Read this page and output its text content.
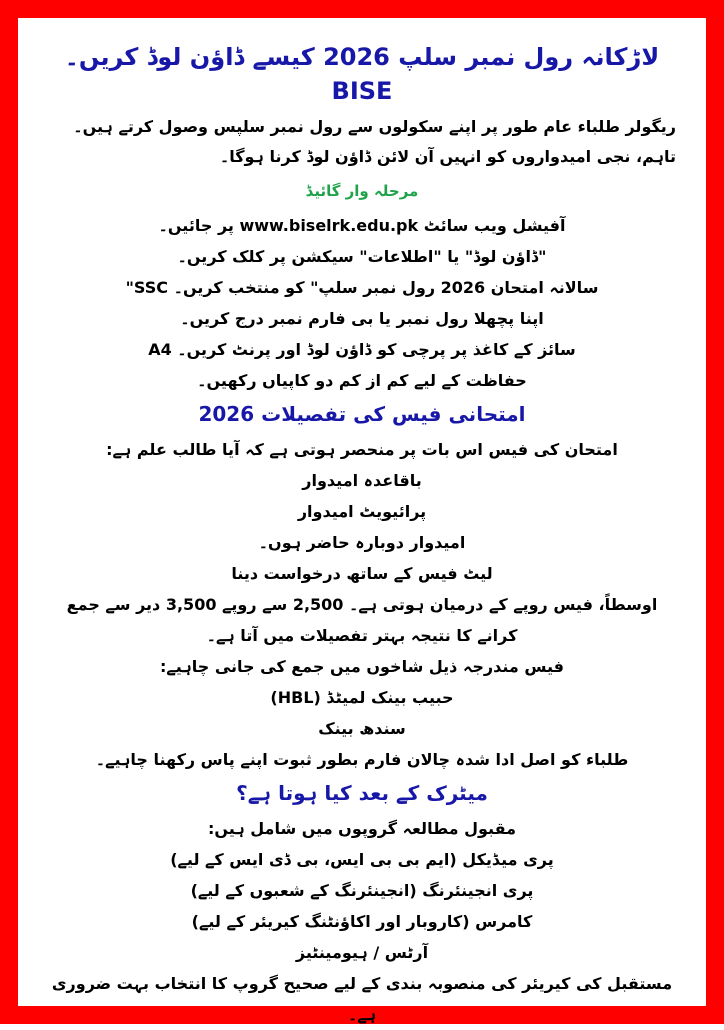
لاڑکانہ رول نمبر سلپ 2026 کیسے ڈاؤن لوڈ کریں۔ BISE

ریگولر طلباء عام طور پر اپنے سکولوں سے رول نمبر سلپس وصول کرتے ہیں۔ تاہم، نجی امیدواروں کو انہیں آن لائن ڈاؤن لوڈ کرنا ہوگا۔

مرحلہ وار گائیڈ

آفیشل ویب سائٹ www.biselrk.edu.pk پر جائیں۔

"ڈاؤن لوڈ" یا "اطلاعات" سیکشن پر کلک کریں۔

"SSC سالانہ امتحان 2026 رول نمبر سلپ" کو منتخب کریں۔

اپنا پچھلا رول نمبر یا بی فارم نمبر درج کریں۔

A4 سائز کے کاغذ پر پرچی کو ڈاؤن لوڈ اور پرنٹ کریں۔

حفاظت کے لیے کم از کم دو کاپیاں رکھیں۔

امتحانی فیس کی تفصیلات 2026

امتحان کی فیس اس بات پر منحصر ہوتی ہے کہ آیا طالب علم ہے:

باقاعدہ امیدوار

پرائیویٹ امیدوار

امیدوار دوبارہ حاضر ہوں۔

لیٹ فیس کے ساتھ درخواست دینا

اوسطاً، فیس روپے کے درمیان ہوتی ہے۔ 2,500 سے روپے 3,500 دیر سے جمع کرانے کا نتیجہ بہتر تفصیلات میں آتا ہے۔

فیس مندرجہ ذیل شاخوں میں جمع کی جانی چاہیے:

حبیب بینک لمیٹڈ (HBL)

سندھ بینک

طلباء کو اصل ادا شدہ چالان فارم بطور ثبوت اپنے پاس رکھنا چاہیے۔

میٹرک کے بعد کیا ہوتا ہے؟

مقبول مطالعہ گروپوں میں شامل ہیں:

پری میڈیکل (ایم بی بی ایس، بی ڈی ایس کے لیے)

پری انجینئرنگ (انجینئرنگ کے شعبوں کے لیے)

کامرس (کاروبار اور اکاؤنٹنگ کیریئر کے لیے)

آرٹس / ہیومینٹیز

مستقبل کی کیریئر کی منصوبہ بندی کے لیے صحیح گروپ کا انتخاب بہت ضروری ہے۔
